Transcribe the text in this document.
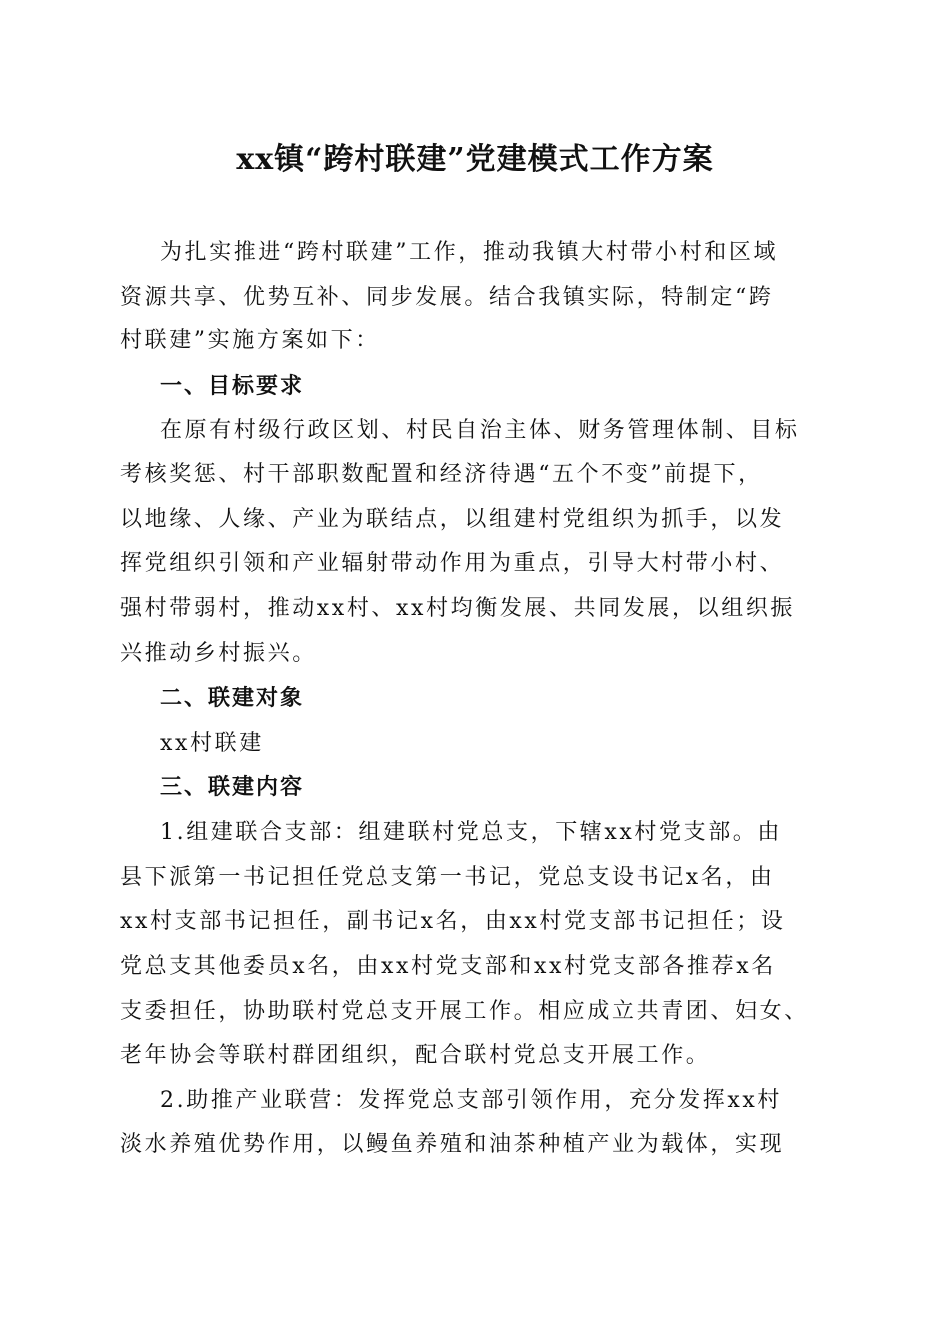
xx镇“跨村联建”党建模式工作方案
为扎实推进“跨村联建”工作，推动我镇大村带小村和区域
资源共享、优势互补、同步发展。结合我镇实际，特制定“跨
村联建”实施方案如下：
一、目标要求
在原有村级行政区划、村民自治主体、财务管理体制、目标
考核奖惩、村干部职数配置和经济待遇“五个不变”前提下，
以地缘、人缘、产业为联结点，以组建村党组织为抓手，以发
挥党组织引领和产业辐射带动作用为重点，引导大村带小村、
强村带弱村，推动xx村、xx村均衡发展、共同发展，以组织振
兴推动乡村振兴。
二、联建对象
xx村联建
三、联建内容
1.组建联合支部：组建联村党总支，下辖xx村党支部。由
县下派第一书记担任党总支第一书记，党总支设书记x名，由
xx村支部书记担任，副书记x名，由xx村党支部书记担任；设
党总支其他委员x名，由xx村党支部和xx村党支部各推荐x名
支委担任，协助联村党总支开展工作。相应成立共青团、妇女、
老年协会等联村群团组织，配合联村党总支开展工作。
2.助推产业联营：发挥党总支部引领作用，充分发挥xx村
淡水养殖优势作用，以鳗鱼养殖和油茶种植产业为载体，实现
